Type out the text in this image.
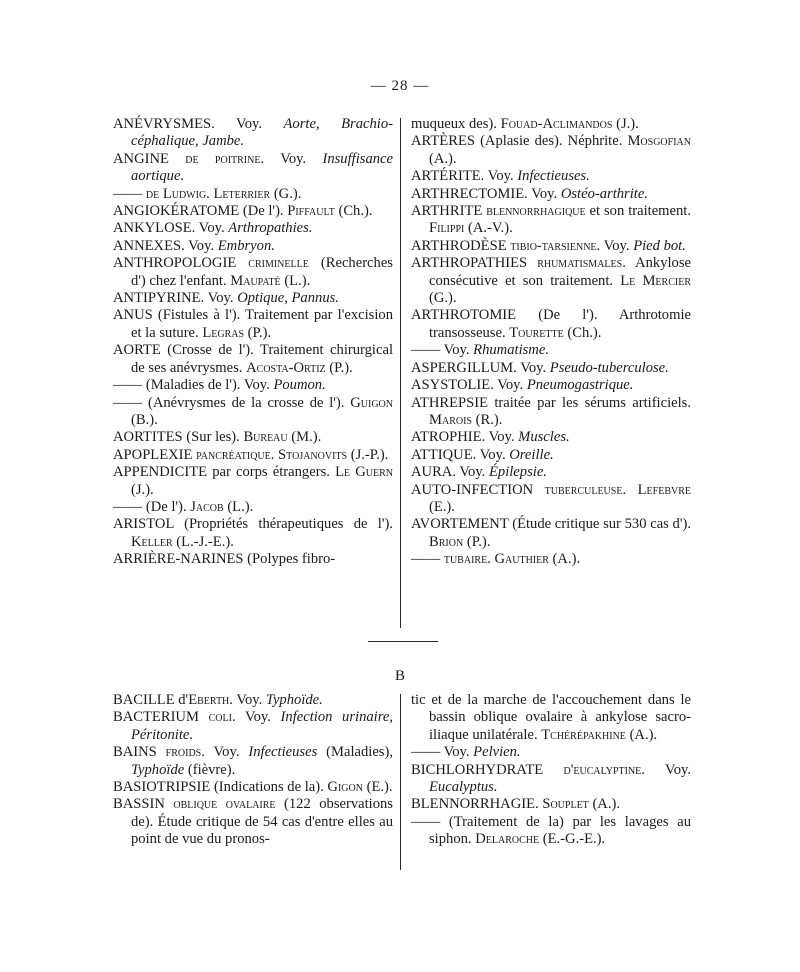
— 28 —

ANÉVRYSMES. Voy. Aorte, Brachio-céphalique, Jambe.

ANGINE de poitrine. Voy. Insuffisance aortique.

—— de Ludwig. Leterrier (G.).

ANGIOKÉRATOME (De l'). Piffault (Ch.).

ANKYLOSE. Voy. Arthropathies.

ANNEXES. Voy. Embryon.

ANTHROPOLOGIE criminelle (Recherches d') chez l'enfant. Maupaté (L.).

ANTIPYRINE. Voy. Optique, Pannus.

ANUS (Fistules à l'). Traitement par l'excision et la suture. Legras (P.).

AORTE (Crosse de l'). Traitement chirurgical de ses anévrysmes. Acosta-Ortiz (P.).

—— (Maladies de l'). Voy. Poumon.

—— (Anévrysmes de la crosse de l'). Guigon (B.).

AORTITES (Sur les). Bureau (M.).

APOPLEXIE pancréatique. Stojanovits (J.-P.).

APPENDICITE par corps étrangers. Le Guern (J.).

—— (De l'). Jacob (L.).

ARISTOL (Propriétés thérapeutiques de l'). Keller (L.-J.-E.).

ARRIÈRE-NARINES (Polypes fibro-

muqueux des). Fouad-Aclimandos (J.).

ARTÈRES (Aplasie des). Néphrite. Mosgofian (A.).

ARTÉRITE. Voy. Infectieuses.

ARTHRECTOMIE. Voy. Ostéo-arthrite.

ARTHRITE blennorrhagique et son traitement. Filippi (A.-V.).

ARTHRODÈSE tibio-tarsienne. Voy. Pied bot.

ARTHROPATHIES rhumatismales. Ankylose consécutive et son traitement. Le Mercier (G.).

ARTHROTOMIE (De l'). Arthrotomie transosseuse. Tourette (Ch.).

—— Voy. Rhumatisme.

ASPERGILLUM. Voy. Pseudo-tuberculose.

ASYSTOLIE. Voy. Pneumogastrique.

ATHREPSIE traitée par les sérums artificiels. Marois (R.).

ATROPHIE. Voy. Muscles.

ATTIQUE. Voy. Oreille.

AURA. Voy. Épilepsie.

AUTO-INFECTION tuberculeuse. Lefebvre (E.).

AVORTEMENT (Étude critique sur 530 cas d'). Brion (P.).

—— tubaire. Gauthier (A.).

B

BACILLE d'Eberth. Voy. Typhoïde.

BACTERIUM coli. Voy. Infection urinaire, Péritonite.

BAINS froids. Voy. Infectieuses (Maladies), Typhoïde (fièvre).

BASIOTRIPSIE (Indications de la). Gigon (E.).

BASSIN oblique ovalaire (122 observations de). Étude critique de 54 cas d'entre elles au point de vue du pronos-

tic et de la marche de l'accouchement dans le bassin oblique ovalaire à ankylose sacro-iliaque unilatérale. Tchérépakhine (A.).

—— Voy. Pelvien.

BICHLORHYDRATE d'eucalyptine. Voy. Eucalyptus.

BLENNORRHAGIE. Souplet (A.).

—— (Traitement de la) par les lavages au siphon. Delaroche (E.-G.-E.).
